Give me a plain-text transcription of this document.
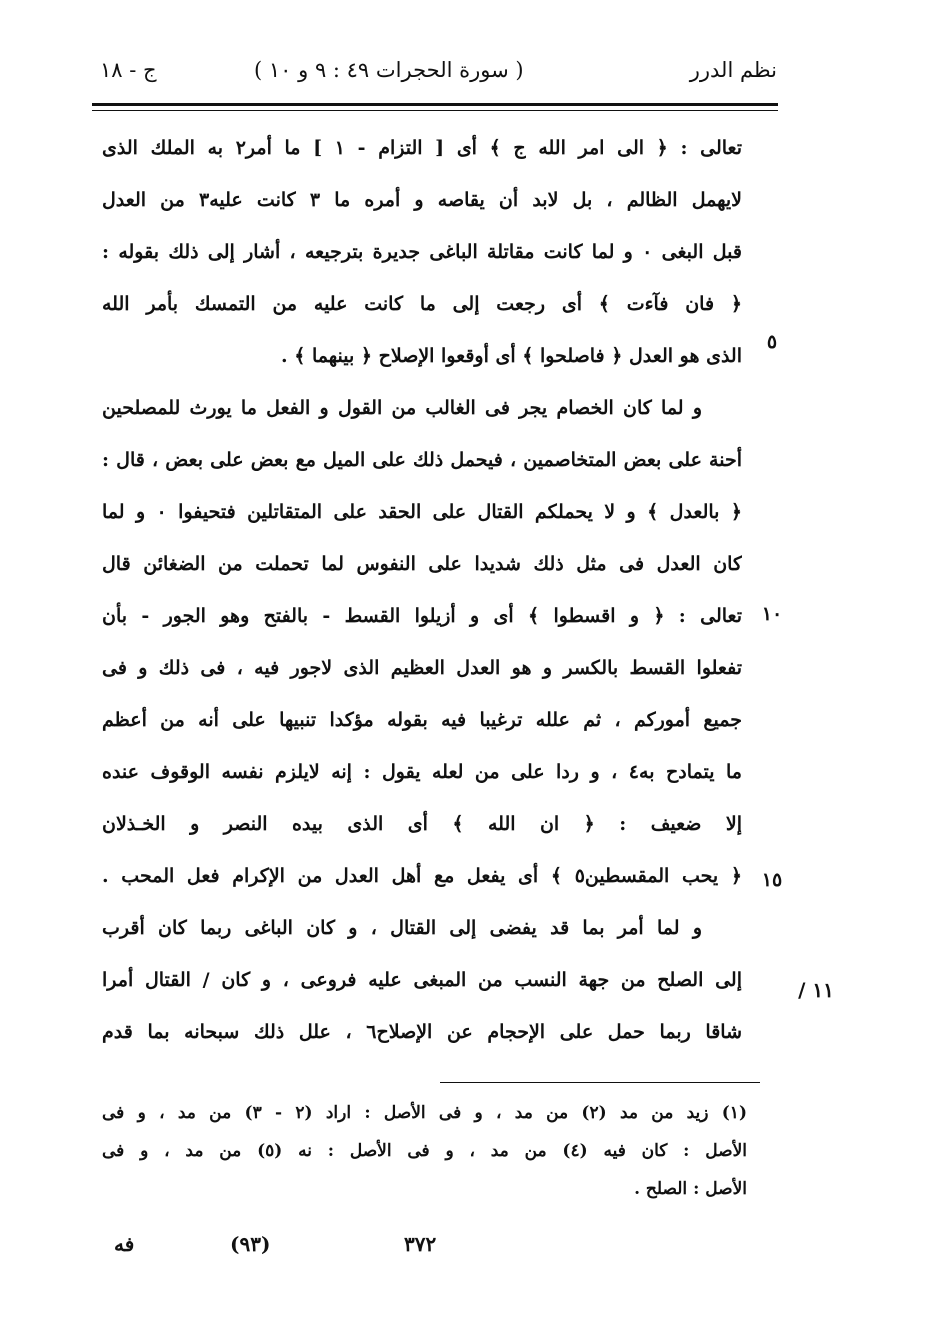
نظم الدرر
( سورة الحجرات ٤٩ : ٩ و ١٠ )
ج - ١٨
تعالى : ﴿ الى امر الله ج ﴾ أى [ التزام - ١ ] ما أمر٢ به الملك الذى
لايهمل الظالم ، بل لابد أن يقاصه و أمره ما ٣ كانت عليه٣ من العدل
قبل البغى ٠ و لما كانت مقاتلة الباغى جديرة بترجيعه ، أشار إلى ذلك بقوله :
﴿ فان فآءت ﴾ أى رجعت إلى ما كانت عليه من التمسك بأمر الله
الذى هو العدل ﴿ فاصلحوا ﴾ أى أوقعوا الإصلاح ﴿ بينهما ﴾ .
و لما كان الخصام يجر فى الغالب من القول و الفعل ما يورث للمصلحين
أحنة على بعض المتخاصمين ، فيحمل ذلك على الميل مع بعض على بعض ، قال :
﴿ بالعدل ﴾ و لا يحملكم القتال على الحقد على المتقاتلين فتحيفوا ٠ و لما
كان العدل فى مثل ذلك شديدا على النفوس لما تحملت من الضغائن قال
تعالى : ﴿ و اقسطوا ﴾ أى و أزيلوا القسط - بالفتح وهو الجور - بأن
تفعلوا القسط بالكسر و هو العدل العظيم الذى لاجور فيه ، فى ذلك و فى
جميع أموركم ، ثم علله ترغيبا فيه بقوله مؤكدا تنبيها على أنه من أعظم
ما يتمادح به٤ ، و ردا على من لعله يقول : إنه لايلزم نفسه الوقوف عنده
إلا ضعيف : ﴿ ان الله ﴾ أى الذى بيده النصر و الخـذلان
﴿ يحب المقسطين٥ ﴾ أى يفعل مع أهل العدل من الإكرام فعل المحب .
و لما أمر بما قد يفضى إلى القتال ، و كان الباغى ربما كان أقرب
إلى الصلح من جهة النسب من المبغى عليه فروعى ، و كان / القتال أمرا
شاقا ربما حمل على الإحجام عن الإصلاح٦ ، علل ذلك سبحانه بما قدم
٥
١٠
١٥
١١ /
(١) زيد من مد (٢) من مد ، و فى الأصل : اراد (٢ - ٣) من مد ، و فى
الأصل : كان فيه (٤) من مد ، و فى الأصل : نه (٥) من مد ، و فى
الأصل : الصلح .
٣٧٢
(٩٣)
فه
